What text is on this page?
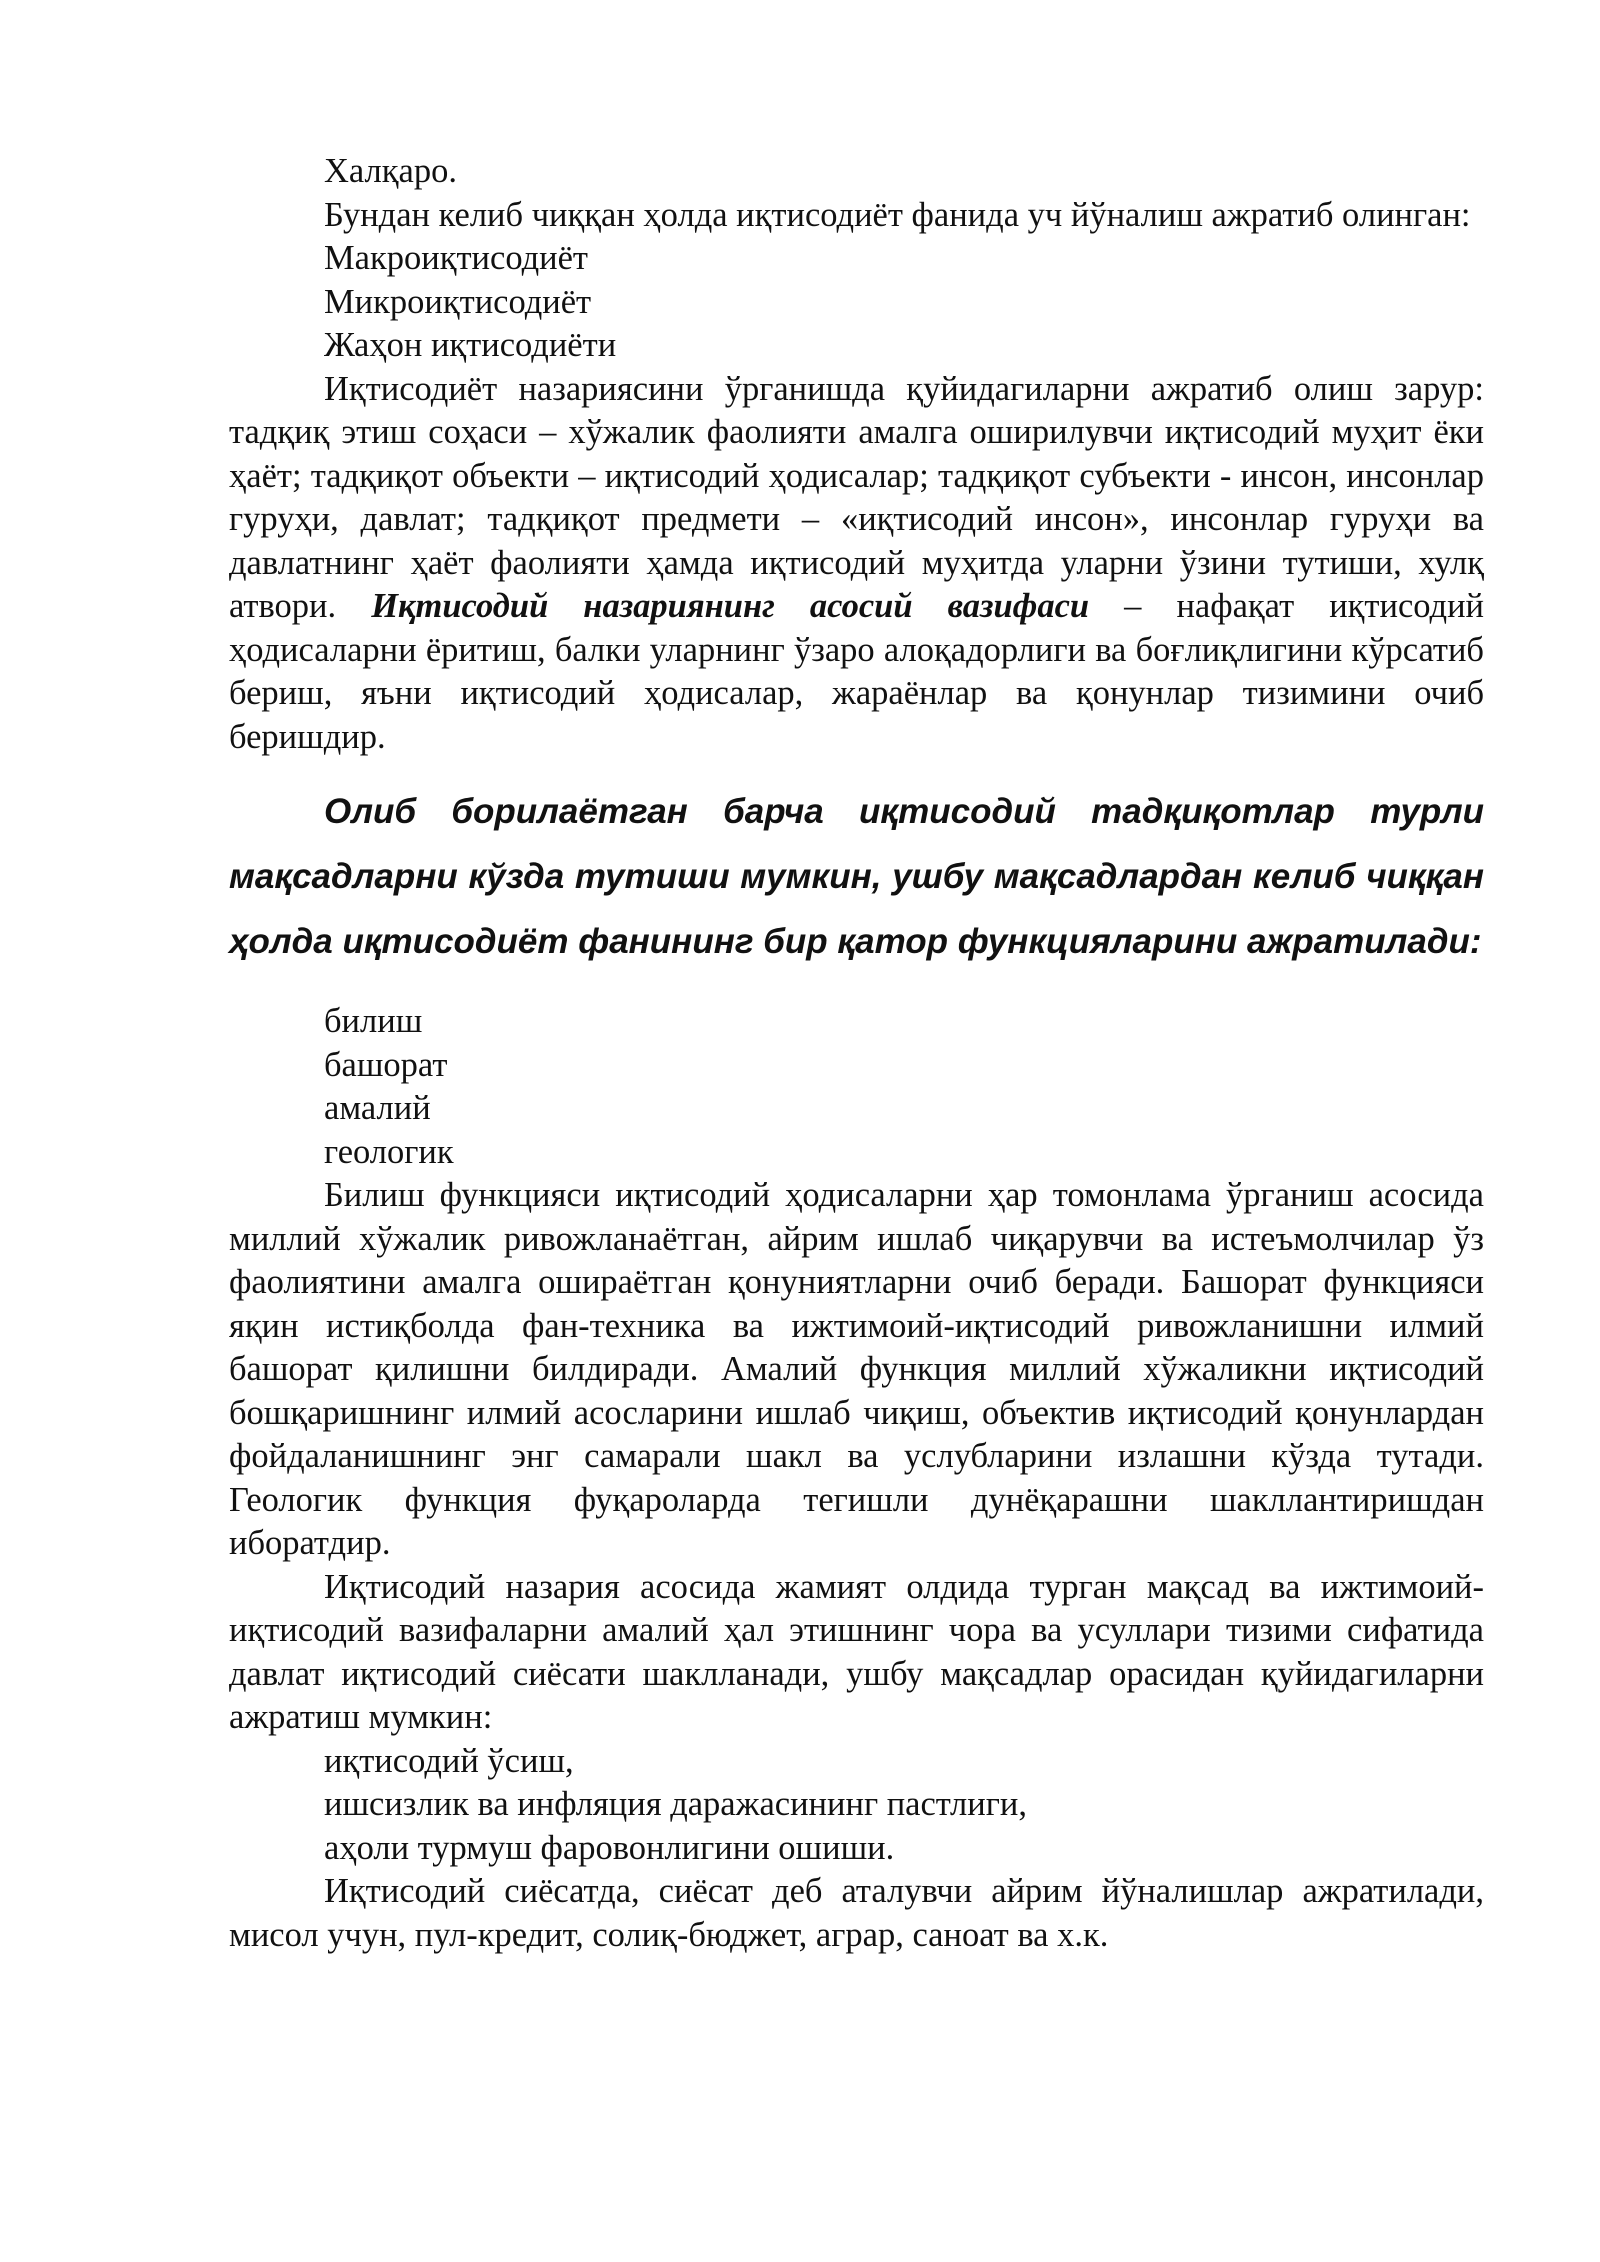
Халқаро.

Бундан келиб чиққан ҳолда иқтисодиёт фанида уч йўналиш ажратиб олинган:

Макроиқтисодиёт
Микроиқтисодиёт
Жаҳон иқтисодиёти

Иқтисодиёт назариясини ўрганишда қуйидагиларни ажратиб олиш зарур: тадқиқ этиш соҳаси – хўжалик фаолияти амалга оширилувчи иқтисодий муҳит ёки ҳаёт; тадқиқот объекти – иқтисодий ҳодисалар; тадқиқот субъекти - инсон, инсонлар гуруҳи, давлат; тадқиқот предмети – «иқтисодий инсон», инсонлар гуруҳи ва давлатнинг ҳаёт фаолияти ҳамда иқтисодий муҳитда уларни ўзини тутиши, хулқ атвори. Иқтисодий назариянинг асосий вазифаси – нафақат иқтисодий ҳодисаларни ёритиш, балки уларнинг ўзаро алоқадорлиги ва боғлиқлигини кўрсатиб бериш, яъни иқтисодий ҳодисалар, жараёнлар ва қонунлар тизимини очиб беришдир.

Олиб борилаётган барча иқтисодий тадқиқотлар турли мақсадларни кўзда тутиши мумкин, ушбу мақсадлардан келиб чиққан ҳолда иқтисодиёт фанининг бир қатор функцияларини ажратилади:

билиш
башорат
амалий
геологик

Билиш функцияси иқтисодий ҳодисаларни ҳар томонлама ўрганиш асосида миллий хўжалик ривожланаётган, айрим ишлаб чиқарувчи ва истеъмолчилар ўз фаолиятини амалга ошираётган қонуниятларни очиб беради. Башорат функцияси яқин истиқболда фан-техника ва ижтимоий-иқтисодий ривожланишни илмий башорат қилишни билдиради. Амалий функция миллий хўжаликни иқтисодий бошқаришнинг илмий асосларини ишлаб чиқиш, объектив иқтисодий қонунлардан фойдаланишнинг энг самарали шакл ва услубларини излашни кўзда тутади. Геологик функция фуқароларда тегишли дунёқарашни шакллантиришдан иборатдир.

Иқтисодий назария асосида жамият олдида турган мақсад ва ижтимоий-иқтисодий вазифаларни амалий ҳал этишнинг чора ва усуллари тизими сифатида давлат иқтисодий сиёсати шаклланади, ушбу мақсадлар орасидан қуйидагиларни ажратиш мумкин:

иқтисодий ўсиш,
ишсизлик ва инфляция даражасининг пастлиги,
аҳоли турмуш фаровонлигини ошиши.

Иқтисодий сиёсатда, сиёсат деб аталувчи айрим йўналишлар ажратилади, мисол учун, пул-кредит, солиқ-бюджет, аграр, саноат ва х.к.
